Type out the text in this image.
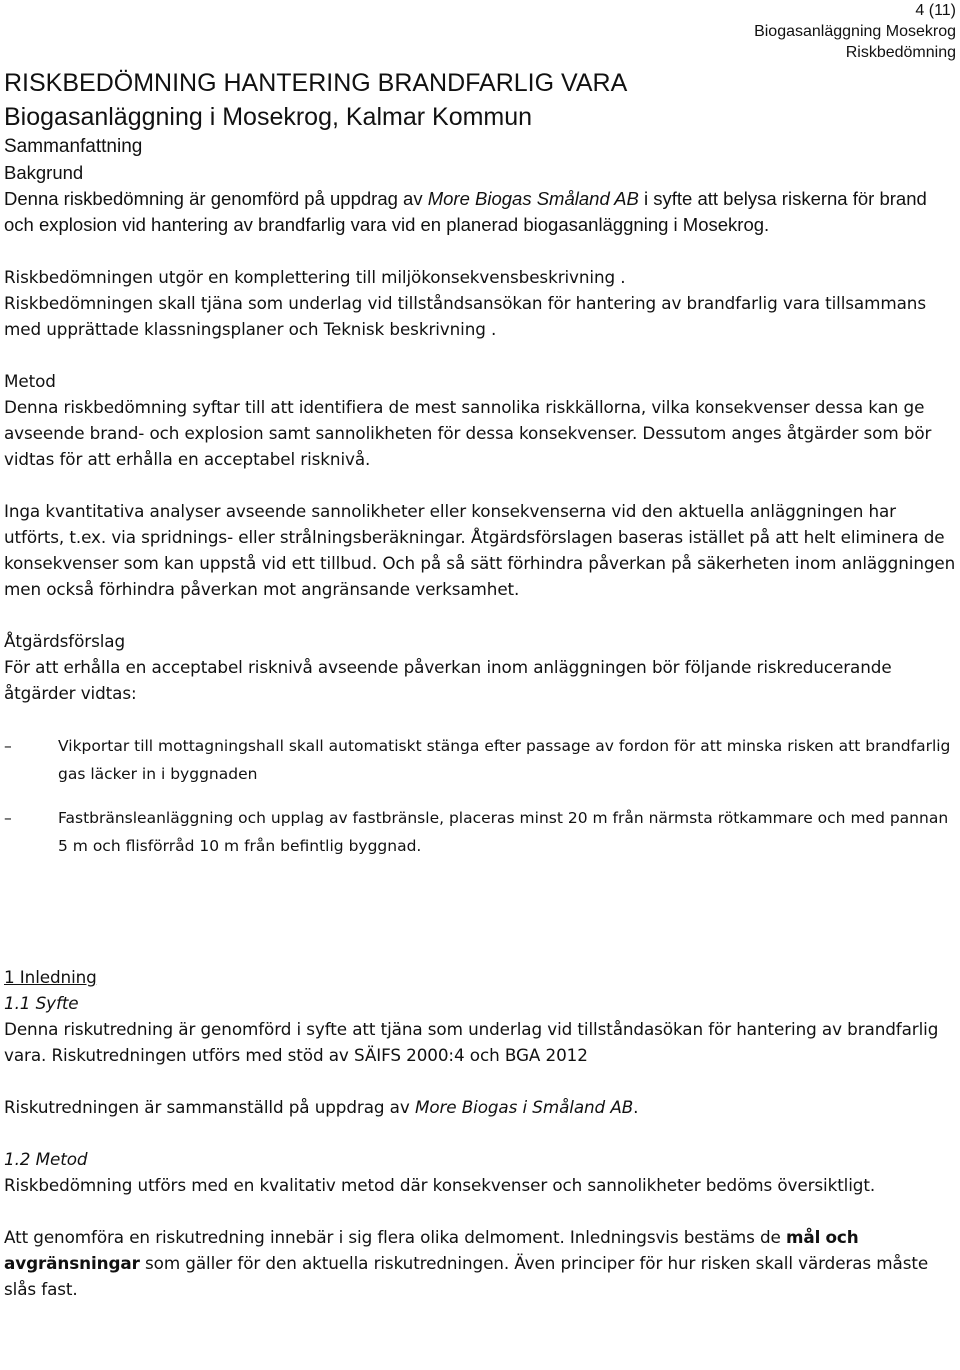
4 (11)
Biogasanläggning Mosekrog
Riskbedömning
RISKBEDÖMNING HANTERING BRANDFARLIG VARA
Biogasanläggning i Mosekrog, Kalmar Kommun
Sammanfattning
Bakgrund

Denna riskbedömning är genomförd på uppdrag av More Biogas Småland AB i syfte att belysa riskerna för brand och explosion vid hantering av brandfarlig vara vid en planerad biogasanläggning i Mosekrog.

Riskbedömningen utgör en komplettering till miljökonsekvensbeskrivning .

Riskbedömningen skall tjäna som underlag vid tillståndsansökan för hantering av brandfarlig vara tillsammans med upprättade klassningsplaner och Teknisk beskrivning .

Metod

Denna riskbedömning syftar till att identifiera de mest sannolika riskkällorna, vilka konsekvenser dessa kan ge avseende brand- och explosion samt sannolikheten för dessa konsekvenser. Dessutom anges åtgärder som bör vidtas för att erhålla en acceptabel risknivå.

Inga kvantitativa analyser avseende sannolikheter eller konsekvenserna vid den aktuella anläggningen har utförts, t.ex. via spridnings- eller strålningsberäkningar. Åtgärdsförslagen baseras istället på att helt eliminera de konsekvenser som kan uppstå vid ett tillbud. Och på så sätt förhindra påverkan på säkerheten inom anläggningen men också förhindra påverkan mot angränsande verksamhet.

Åtgärdsförslag

För att erhålla en acceptabel risknivå avseende påverkan inom anläggningen bör följande riskreducerande åtgärder vidtas:

–	Vikportar till mottagningshall skall automatiskt stänga efter passage av fordon för att minska risken att brandfarlig gas läcker in i byggnaden
–	Fastbränsleanläggning och upplag av fastbränsle, placeras minst 20 m från närmsta rötkammare och med pannan 5 m och flisförråd 10 m från befintlig byggnad.
1 Inledning
1.1 Syfte

Denna riskutredning är genomförd i syfte att tjäna som underlag vid tillståndasökan för hantering av brandfarlig vara. Riskutredningen utförs med stöd av SÄIFS 2000:4 och BGA 2012

Riskutredningen är sammanställd på uppdrag av More Biogas i Småland AB.

1.2 Metod

Riskbedömning utförs med en kvalitativ metod där konsekvenser och sannolikheter bedöms översiktligt.

Att genomföra en riskutredning innebär i sig flera olika delmoment. Inledningsvis bestäms de mål och avgränsningar som gäller för den aktuella riskutredningen. Även principer för hur risken skall värderas måste slås fast.
